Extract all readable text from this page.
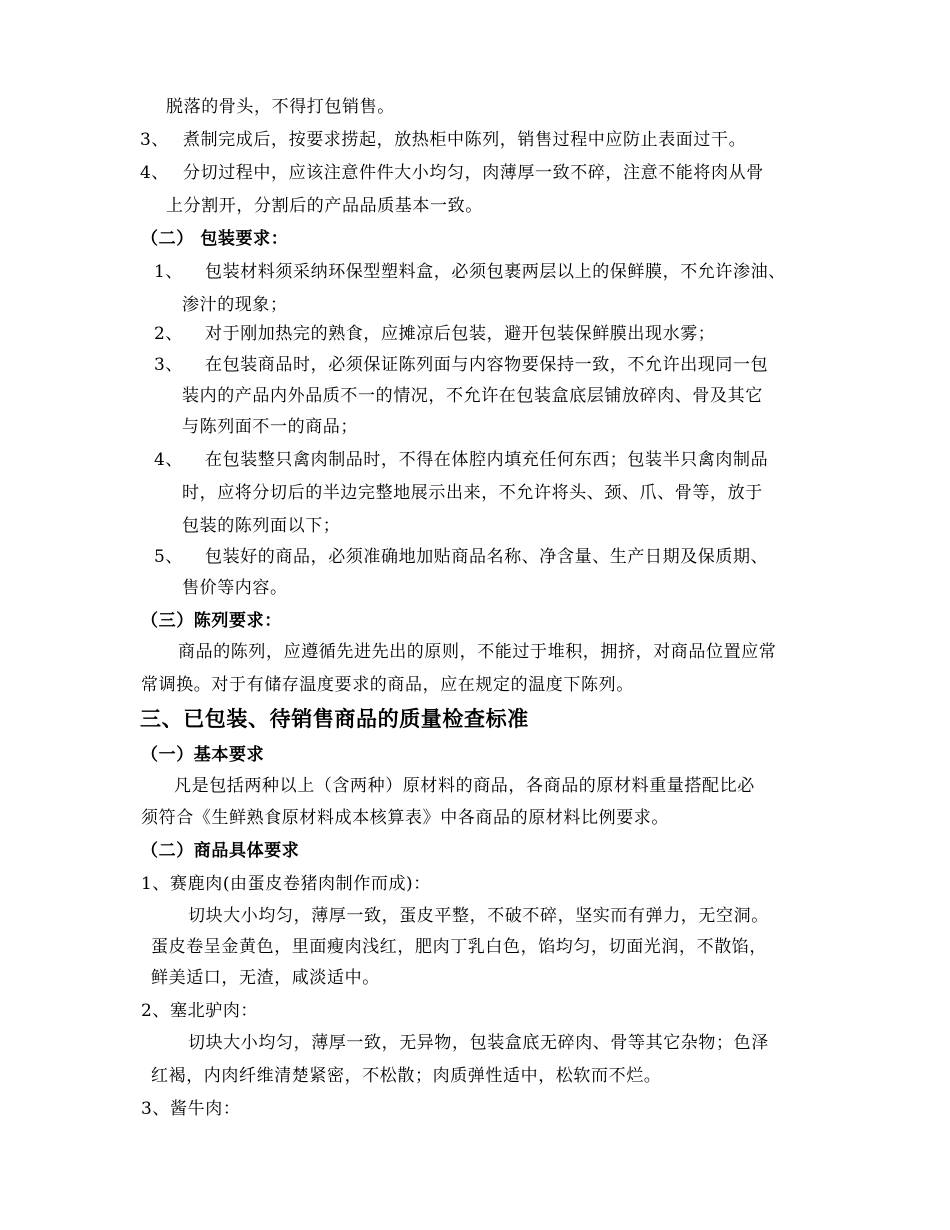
脱落的骨头，不得打包销售。
3、 煮制完成后，按要求捞起，放热柜中陈列，销售过程中应防止表面过干。
4、 分切过程中，应该注意件件大小均匀，肉薄厚一致不碎，注意不能将肉从骨
上分割开，分割后的产品品质基本一致。
（二） 包装要求：
1、 包装材料须采纳环保型塑料盒，必须包裹两层以上的保鲜膜，不允许渗油、
渗汁的现象；
2、 对于刚加热完的熟食，应摊凉后包装，避开包装保鲜膜出现水雾；
3、 在包装商品时，必须保证陈列面与内容物要保持一致，不允许出现同一包
装内的产品内外品质不一的情况，不允许在包装盒底层铺放碎肉、骨及其它
与陈列面不一的商品；
4、 在包装整只禽肉制品时，不得在体腔内填充任何东西；包装半只禽肉制品
时，应将分切后的半边完整地展示出来，不允许将头、颈、爪、骨等，放于
包装的陈列面以下；
5、 包装好的商品，必须准确地加贴商品名称、净含量、生产日期及保质期、
售价等内容。
（三）陈列要求：
商品的陈列，应遵循先进先出的原则，不能过于堆积，拥挤，对商品位置应常
常调换。对于有储存温度要求的商品，应在规定的温度下陈列。
三、已包装、待销售商品的质量检查标准
（一）基本要求
凡是包括两种以上（含两种）原材料的商品，各商品的原材料重量搭配比必
须符合《生鲜熟食原材料成本核算表》中各商品的原材料比例要求。
（二）商品具体要求
1、赛鹿肉(由蛋皮卷猪肉制作而成)：
切块大小均匀，薄厚一致，蛋皮平整，不破不碎，坚实而有弹力，无空洞。
蛋皮卷呈金黄色，里面瘦肉浅红，肥肉丁乳白色，馅均匀，切面光润，不散馅，
鲜美适口，无渣，咸淡适中。
2、塞北驴肉：
切块大小均匀，薄厚一致，无异物，包装盒底无碎肉、骨等其它杂物；色泽
红褐，内肉纤维清楚紧密，不松散；肉质弹性适中，松软而不烂。
3、酱牛肉：
